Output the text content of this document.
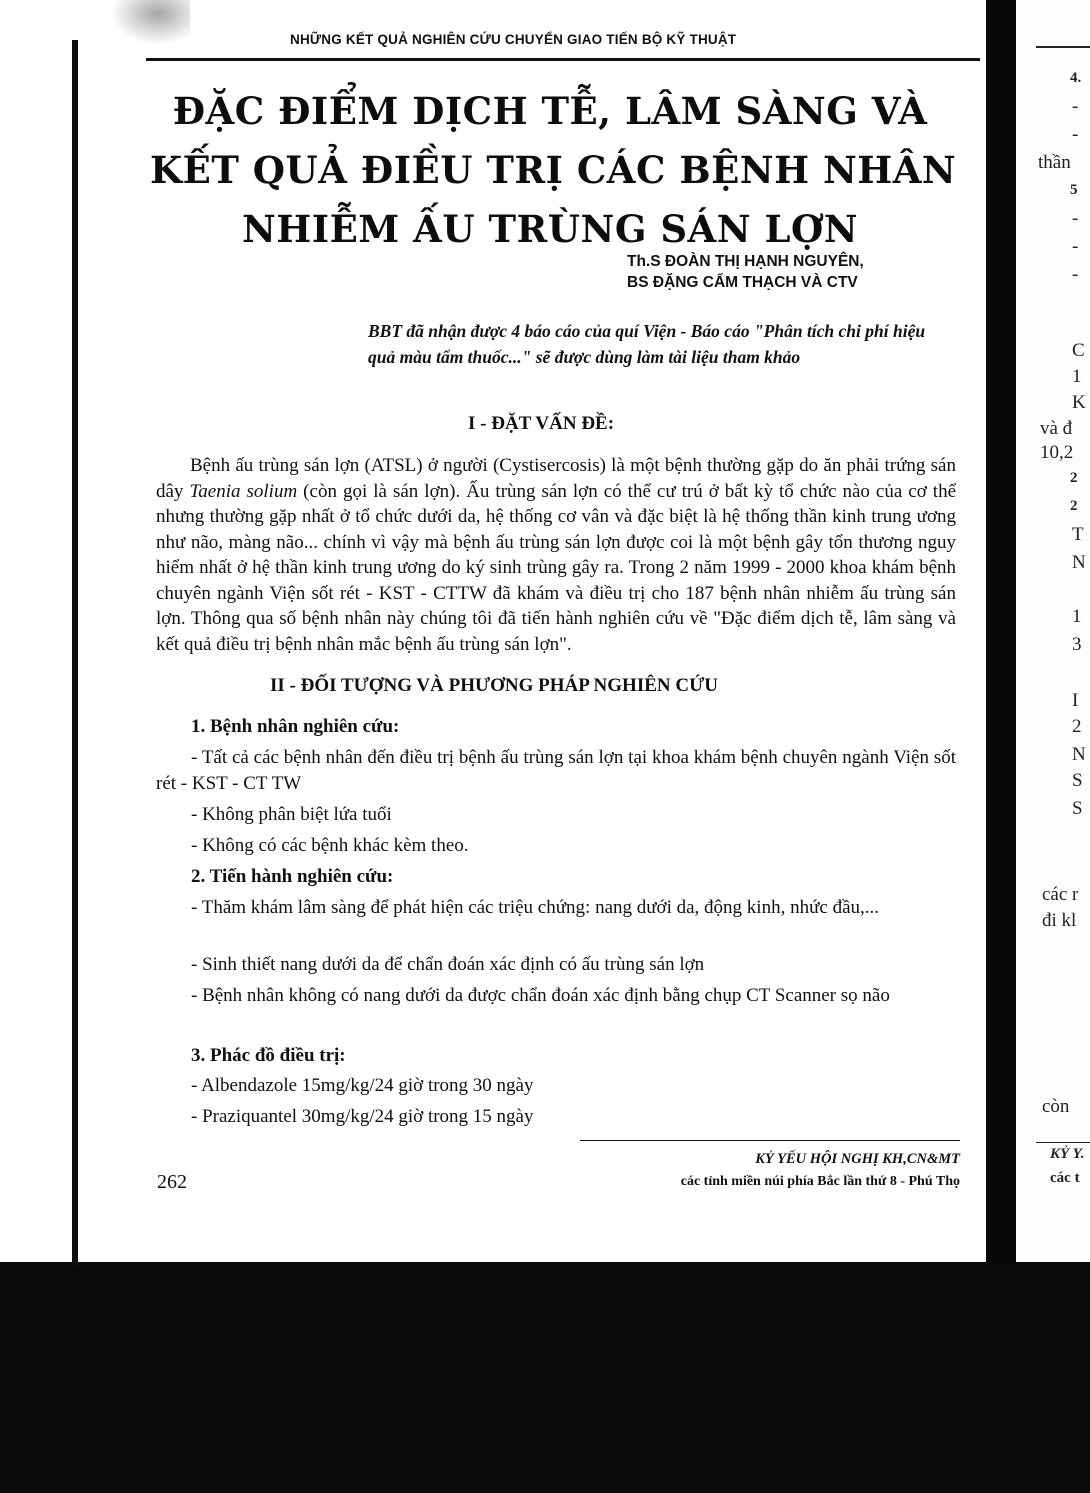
4.
-
-
thần
5
-
-
-
C
1
K
và đ
10,2
2
2
T
N
1
3
I
2
N
S
S
các r
đi kl
còn
KỶ Y.
các t
NHỮNG KẾT QUẢ NGHIÊN CỨU CHUYỂN GIAO TIẾN BỘ KỸ THUẬT
ĐẶC ĐIỂM DỊCH TỄ, LÂM SÀNG VÀ
KẾT QUẢ ĐIỀU TRỊ CÁC BỆNH NHÂN
NHIỄM ẤU TRÙNG SÁN LỢN
Th.S ĐOÀN THỊ HẠNH NGUYÊN,
BS ĐẶNG CẨM THẠCH VÀ CTV
BBT đã nhận được 4 báo cáo của quí Viện - Báo cáo "Phân tích chi phí hiệu quả màu tẩm thuốc..." sẽ được dùng làm tài liệu tham khảo
I - ĐẶT VẤN ĐỀ:
Bệnh ấu trùng sán lợn (ATSL) ở người (Cystisercosis) là một bệnh thường gặp do ăn phải trứng sán dây Taenia solium (còn gọi là sán lợn). Ấu trùng sán lợn có thể cư trú ở bất kỳ tổ chức nào của cơ thể nhưng thường gặp nhất ở tổ chức dưới da, hệ thống cơ vân và đặc biệt là hệ thống thần kinh trung ương như não, màng não... chính vì vậy mà bệnh ấu trùng sán lợn được coi là một bệnh gây tổn thương nguy hiểm nhất ở hệ thần kinh trung ương do ký sinh trùng gây ra. Trong 2 năm 1999 - 2000 khoa khám bệnh chuyên ngành Viện sốt rét - KST - CTTW đã khám và điều trị cho 187 bệnh nhân nhiễm ấu trùng sán lợn. Thông qua số bệnh nhân này chúng tôi đã tiến hành nghiên cứu về "Đặc điểm dịch tễ, lâm sàng và kết quả điều trị bệnh nhân mắc bệnh ấu trùng sán lợn".
II - ĐỐI TƯỢNG VÀ PHƯƠNG PHÁP NGHIÊN CỨU
1. Bệnh nhân nghiên cứu:
- Tất cả các bệnh nhân đến điều trị bệnh ấu trùng sán lợn tại khoa khám bệnh chuyên ngành Viện sốt rét - KST - CT TW
- Không phân biệt lứa tuổi
- Không có các bệnh khác kèm theo.
2. Tiến hành nghiên cứu:
- Thăm khám lâm sàng để phát hiện các triệu chứng: nang dưới da, động kinh, nhức đầu,...
- Sinh thiết nang dưới da để chẩn đoán xác định có ấu trùng sán lợn
- Bệnh nhân không có nang dưới da được chẩn đoán xác định bằng chụp CT Scanner sọ não
3. Phác đồ điều trị:
- Albendazole 15mg/kg/24 giờ trong 30 ngày
- Praziquantel 30mg/kg/24 giờ trong 15 ngày
KỶ YẾU HỘI NGHỊ KH,CN&MT
các tỉnh miền núi phía Bắc lần thứ 8 - Phú Thọ
262
